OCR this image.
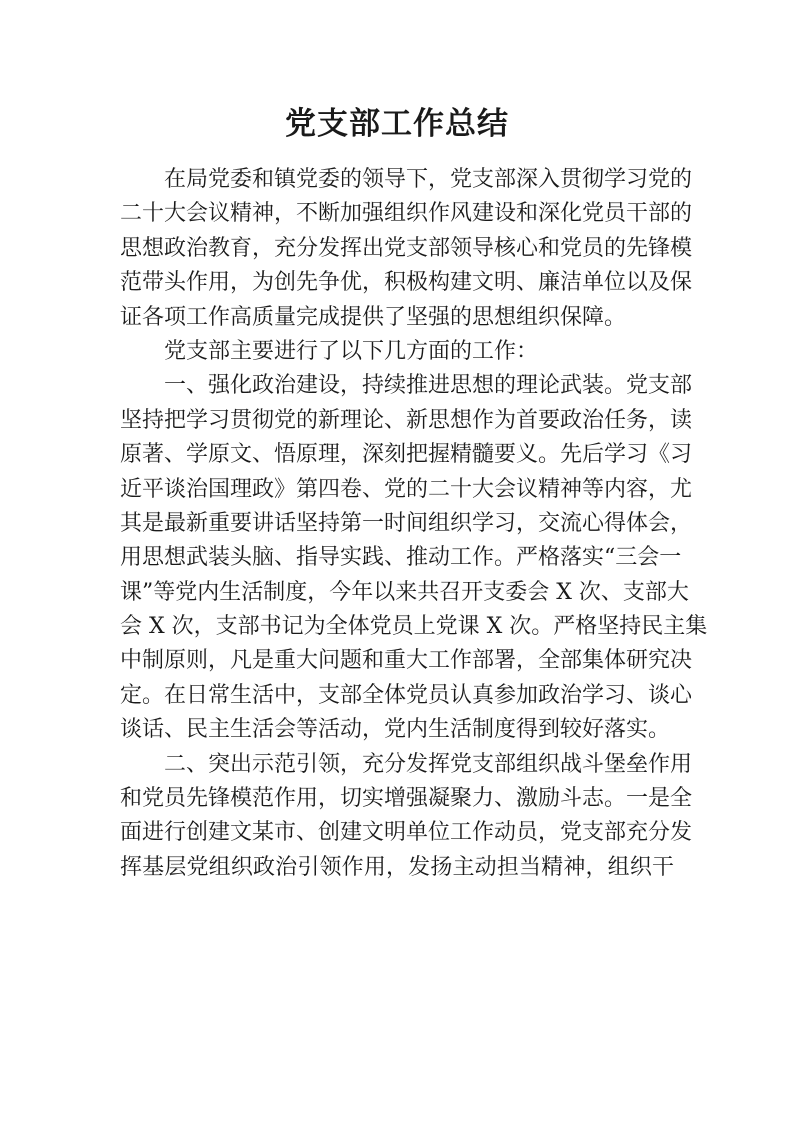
党支部工作总结
在局党委和镇党委的领导下，党支部深入贯彻学习党的
二十大会议精神，不断加强组织作风建设和深化党员干部的
思想政治教育，充分发挥出党支部领导核心和党员的先锋模
范带头作用，为创先争优，积极构建文明、廉洁单位以及保
证各项工作高质量完成提供了坚强的思想组织保障。
党支部主要进行了以下几方面的工作：
一、强化政治建设，持续推进思想的理论武装。党支部
坚持把学习贯彻党的新理论、新思想作为首要政治任务，读
原著、学原文、悟原理，深刻把握精髓要义。先后学习《习
近平谈治国理政》第四卷、党的二十大会议精神等内容，尤
其是最新重要讲话坚持第一时间组织学习，交流心得体会，
用思想武装头脑、指导实践、推动工作。严格落实“三会一
课”等党内生活制度，今年以来共召开支委会 X 次、支部大
会 X 次，支部书记为全体党员上党课 X 次。严格坚持民主集
中制原则，凡是重大问题和重大工作部署，全部集体研究决
定。在日常生活中，支部全体党员认真参加政治学习、谈心
谈话、民主生活会等活动，党内生活制度得到较好落实。
二、突出示范引领，充分发挥党支部组织战斗堡垒作用
和党员先锋模范作用，切实增强凝聚力、激励斗志。一是全
面进行创建文某市、创建文明单位工作动员，党支部充分发
挥基层党组织政治引领作用，发扬主动担当精神，组织干
